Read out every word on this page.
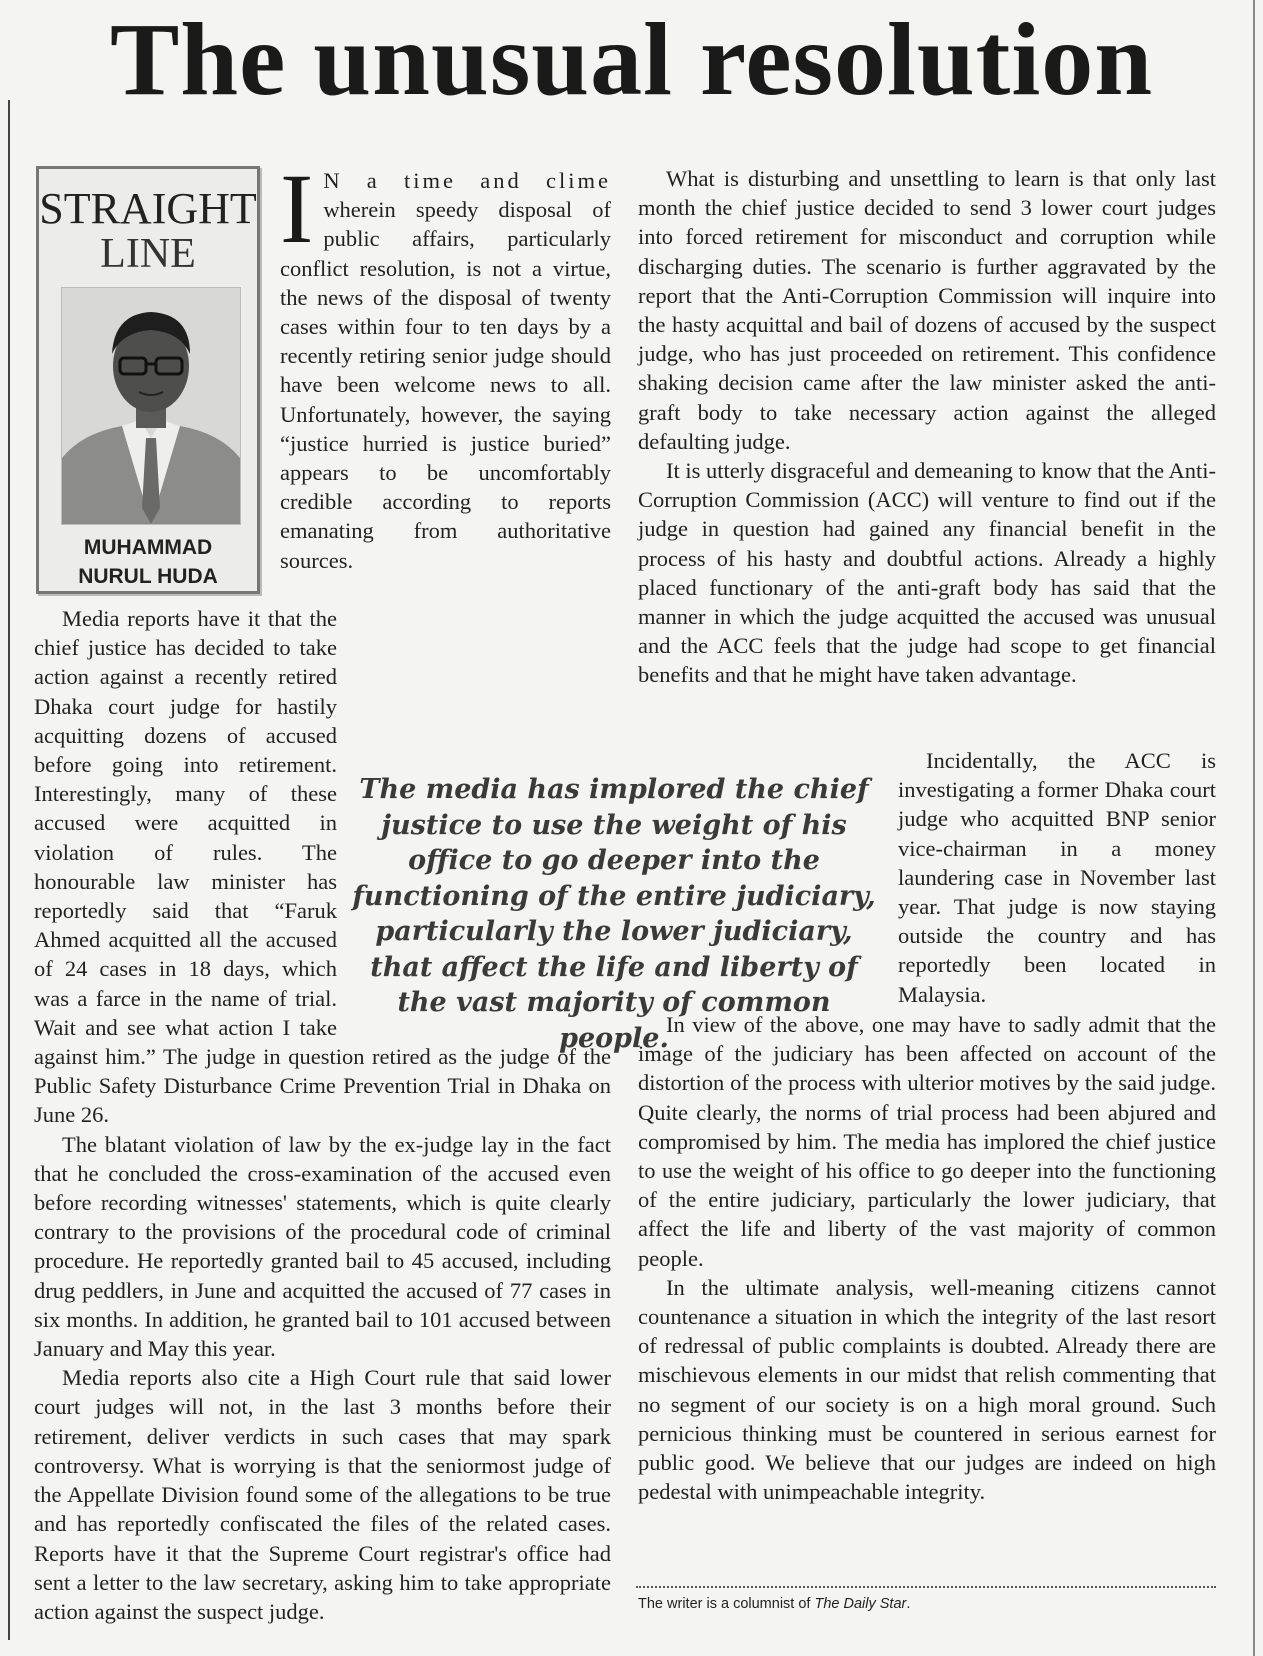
The unusual resolution
STRAIGHT
LINE
MUHAMMAD
NURUL HUDA

I N a time and clime wherein speedy disposal of public affairs, particularly conflict resolution, is not a virtue, the news of the disposal of twenty cases within four to ten days by a recently retiring senior judge should have been welcome news to all. Unfortunately, however, the saying “justice hurried is justice buried” appears to be uncomfortably credible according to reports emanating from authoritative sources.

Media reports have it that the chief justice has decided to take action against a recently retired Dhaka court judge for hastily acquitting dozens of accused before going into retirement. Interestingly, many of these accused were acquitted in violation of rules. The honourable law minister has reportedly said that “Faruk Ahmed acquitted all the accused of 24 cases in 18 days, which was a farce in the name of trial. Wait and see what action I take against him.” The judge in question retired as the judge of the Public Safety Disturbance Crime Prevention Trial in Dhaka on June 26.

The blatant violation of law by the ex-judge lay in the fact that he concluded the cross-examination of the accused even before recording witnesses' statements, which is quite clearly contrary to the provisions of the procedural code of criminal procedure. He reportedly granted bail to 45 accused, including drug peddlers, in June and acquitted the accused of 77 cases in six months. In addition, he granted bail to 101 accused between January and May this year.

Media reports also cite a High Court rule that said lower court judges will not, in the last 3 months before their retirement, deliver verdicts in such cases that may spark controversy. What is worrying is that the seniormost judge of the Appellate Division found some of the allegations to be true and has reportedly confiscated the files of the related cases. Reports have it that the Supreme Court registrar's office had sent a letter to the law secretary, asking him to take appropriate action against the suspect judge.

What is disturbing and unsettling to learn is that only last month the chief justice decided to send 3 lower court judges into forced retirement for misconduct and corruption while discharging duties. The scenario is further aggravated by the report that the Anti-Corruption Commission will inquire into the hasty acquittal and bail of dozens of accused by the suspect judge, who has just proceeded on retirement. This confidence shaking decision came after the law minister asked the anti-graft body to take necessary action against the alleged defaulting judge.

It is utterly disgraceful and demeaning to know that the Anti-Corruption Commission (ACC) will venture to find out if the judge in question had gained any financial benefit in the process of his hasty and doubtful actions. Already a highly placed functionary of the anti-graft body has said that the manner in which the judge acquitted the accused was unusual and the ACC feels that the judge had scope to get financial benefits and that he might have taken advantage.

Incidentally, the ACC is investigating a former Dhaka court judge who acquitted BNP senior vice-chairman in a money laundering case in November last year. That judge is now staying outside the country and has reportedly been located in Malaysia.

In view of the above, one may have to sadly admit that the image of the judiciary has been affected on account of the distortion of the process with ulterior motives by the said judge. Quite clearly, the norms of trial process had been abjured and compromised by him. The media has implored the chief justice to use the weight of his office to go deeper into the functioning of the entire judiciary, particularly the lower judiciary, that affect the life and liberty of the vast majority of common people.

In the ultimate analysis, well-meaning citizens cannot countenance a situation in which the integrity of the last resort of redressal of public complaints is doubted. Already there are mischievous elements in our midst that relish commenting that no segment of our society is on a high moral ground. Such pernicious thinking must be countered in serious earnest for public good. We believe that our judges are indeed on high pedestal with unimpeachable integrity.

The media has implored the chief justice to use the weight of his office to go deeper into the functioning of the entire judiciary, particularly the lower judiciary, that affect the life and liberty of the vast majority of common people.

The writer is a columnist of The Daily Star.
